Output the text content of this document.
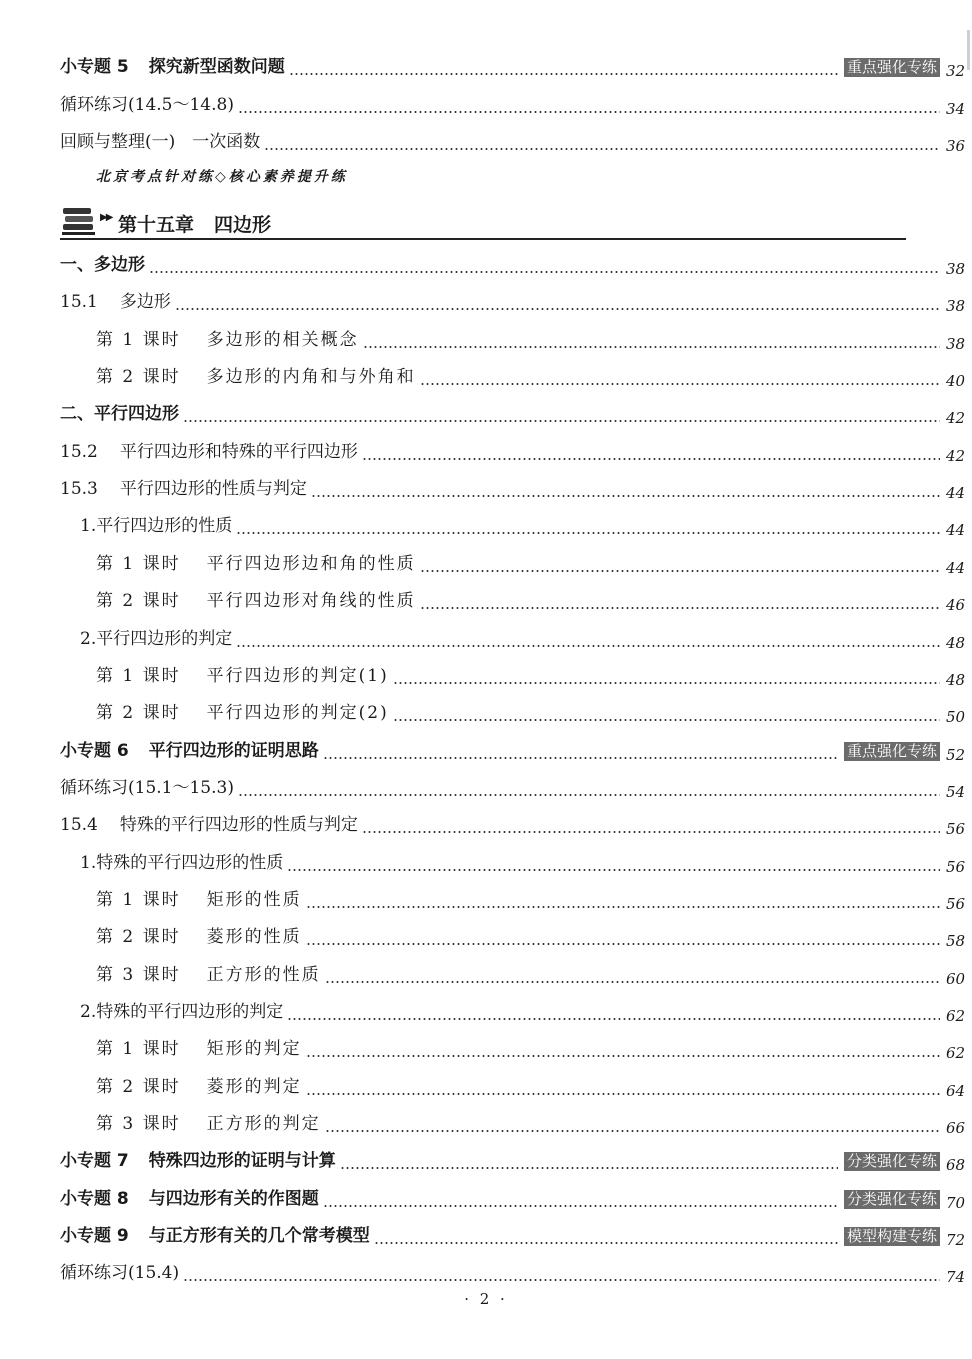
小专题 5 探究新型函数问题	重点强化专练 32
循环练习(14.5～14.8)	34
回顾与整理(一)　一次函数	36
一、多边形	38
15.1 多边形	38
第 1 课时 多边形的相关概念	38
第 2 课时 多边形的内角和与外角和	40
二、平行四边形	42
15.2 平行四边形和特殊的平行四边形	42
15.3 平行四边形的性质与判定	44
1.平行四边形的性质	44
第 1 课时 平行四边形边和角的性质	44
第 2 课时 平行四边形对角线的性质	46
2.平行四边形的判定	48
第 1 课时 平行四边形的判定(1)	48
第 2 课时 平行四边形的判定(2)	50
小专题 6 平行四边形的证明思路	重点强化专练 52
循环练习(15.1～15.3)	54
15.4 特殊的平行四边形的性质与判定	56
1.特殊的平行四边形的性质	56
第 1 课时 矩形的性质	56
第 2 课时 菱形的性质	58
第 3 课时 正方形的性质	60
2.特殊的平行四边形的判定	62
第 1 课时 矩形的判定	62
第 2 课时 菱形的判定	64
第 3 课时 正方形的判定	66
小专题 7 特殊四边形的证明与计算	分类强化专练 68
小专题 8 与四边形有关的作图题	分类强化专练 70
小专题 9 与正方形有关的几个常考模型	模型构建专练 72
循环练习(15.4)	74
北京考点针对练◇核心素养提升练
▶▶ 第十五章 四边形
· 2 ·
